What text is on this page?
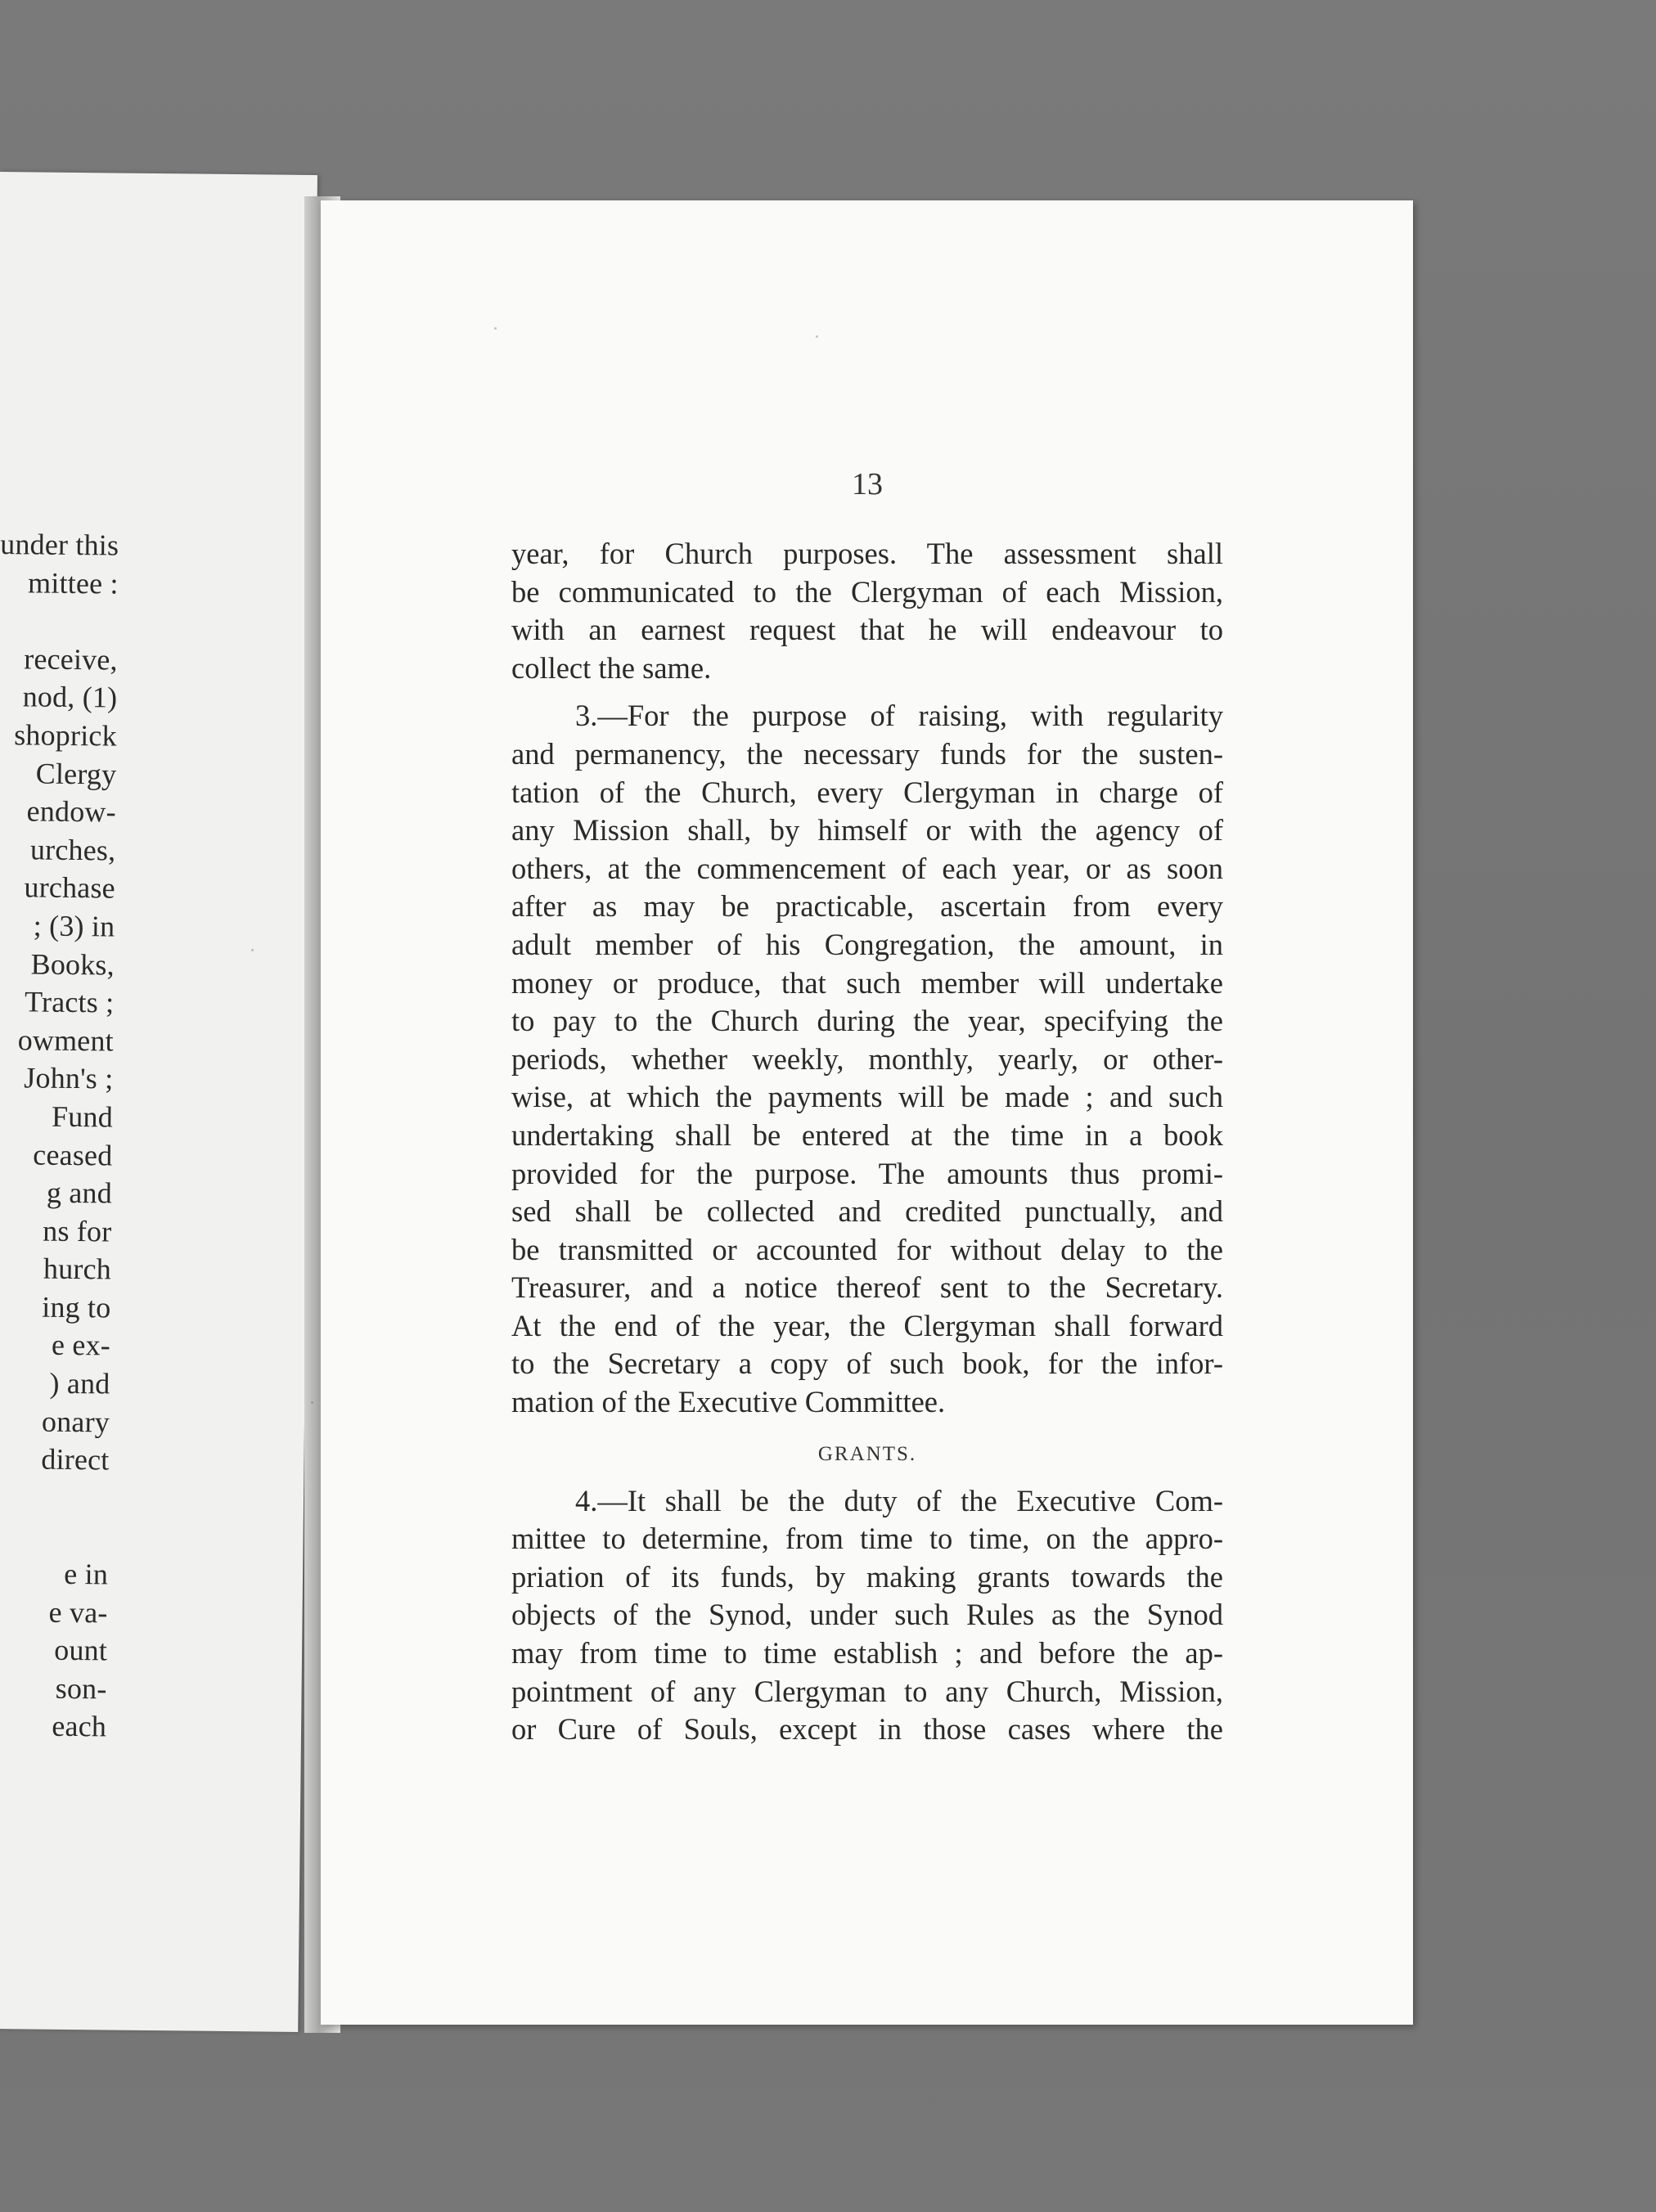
under this
mittee :
receive,
nod, (1)
shoprick
Clergy
endow-
urches,
urchase
; (3) in
Books,
Tracts ;
owment
John's ;
Fund
ceased
g and
ns for
hurch
ing to
e ex-
) and
onary
direct
e in
e va-
ount
son-
each
13

year, for Church purposes. The assessment shall
be communicated to the Clergyman of each Mission,
with an earnest request that he will endeavour to
collect the same.

3.—For the purpose of raising, with regularity
and permanency, the necessary funds for the susten-
tation of the Church, every Clergyman in charge of
any Mission shall, by himself or with the agency of
others, at the commencement of each year, or as soon
after as may be practicable, ascertain from every
adult member of his Congregation, the amount, in
money or produce, that such member will undertake
to pay to the Church during the year, specifying the
periods, whether weekly, monthly, yearly, or other-
wise, at which the payments will be made ; and such
undertaking shall be entered at the time in a book
provided for the purpose. The amounts thus promi-
sed shall be collected and credited punctually, and
be transmitted or accounted for without delay to the
Treasurer, and a notice thereof sent to the Secretary.
At the end of the year, the Clergyman shall forward
to the Secretary a copy of such book, for the infor-
mation of the Executive Committee.

GRANTS.

4.—It shall be the duty of the Executive Com-
mittee to determine, from time to time, on the appro-
priation of its funds, by making grants towards the
objects of the Synod, under such Rules as the Synod
may from time to time establish ; and before the ap-
pointment of any Clergyman to any Church, Mission,
or Cure of Souls, except in those cases where the
